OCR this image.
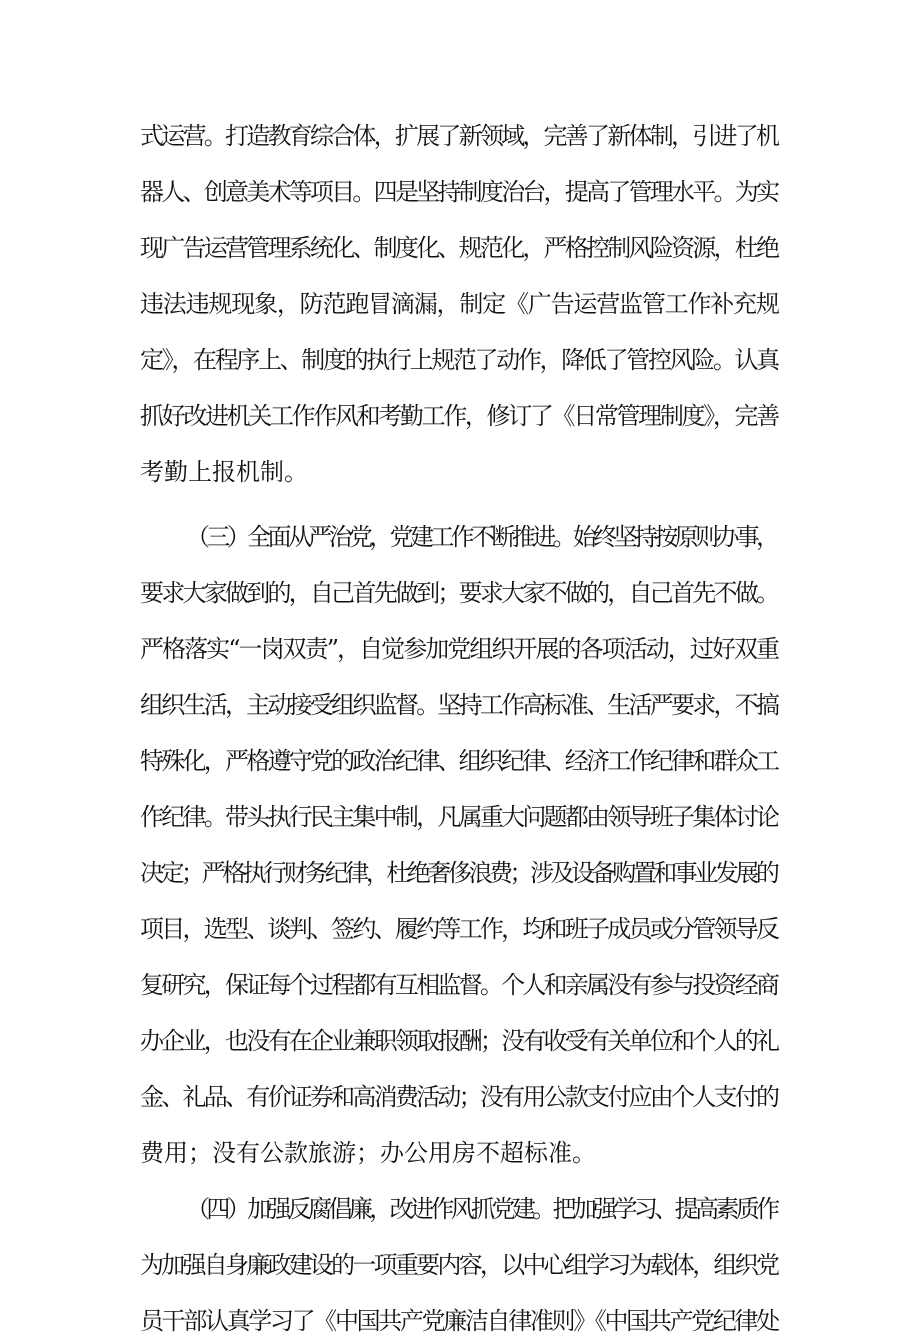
式运营。打造教育综合体，扩展了新领域，完善了新体制，引进了机

器人、创意美术等项目。四是坚持制度治台，提高了管理水平。为实

现广告运营管理系统化、制度化、规范化，严格控制风险资源，杜绝

违法违规现象，防范跑冒滴漏，制定《广告运营监管工作补充规

定》，在程序上、制度的执行上规范了动作，降低了管控风险。认真

抓好改进机关工作作风和考勤工作，修订了《日常管理制度》，完善

考勤上报机制。

（三）全面从严治党，党建工作不断推进。始终坚持按原则办事，

要求大家做到的，自己首先做到；要求大家不做的，自己首先不做。

严格落实“一岗双责”，自觉参加党组织开展的各项活动，过好双重

组织生活，主动接受组织监督。坚持工作高标准、生活严要求，不搞

特殊化，严格遵守党的政治纪律、组织纪律、经济工作纪律和群众工

作纪律。带头执行民主集中制，凡属重大问题都由领导班子集体讨论

决定；严格执行财务纪律，杜绝奢侈浪费；涉及设备购置和事业发展的

项目，选型、谈判、签约、履约等工作，均和班子成员或分管领导反

复研究，保证每个过程都有互相监督。个人和亲属没有参与投资经商

办企业，也没有在企业兼职领取报酬；没有收受有关单位和个人的礼

金、礼品、有价证券和高消费活动；没有用公款支付应由个人支付的

费用；没有公款旅游；办公用房不超标准。

（四）加强反腐倡廉，改进作风抓党建。把加强学习、提高素质作

为加强自身廉政建设的一项重要内容，以中心组学习为载体，组织党

员干部认真学习了《中国共产党廉洁自律准则》《中国共产党纪律处
